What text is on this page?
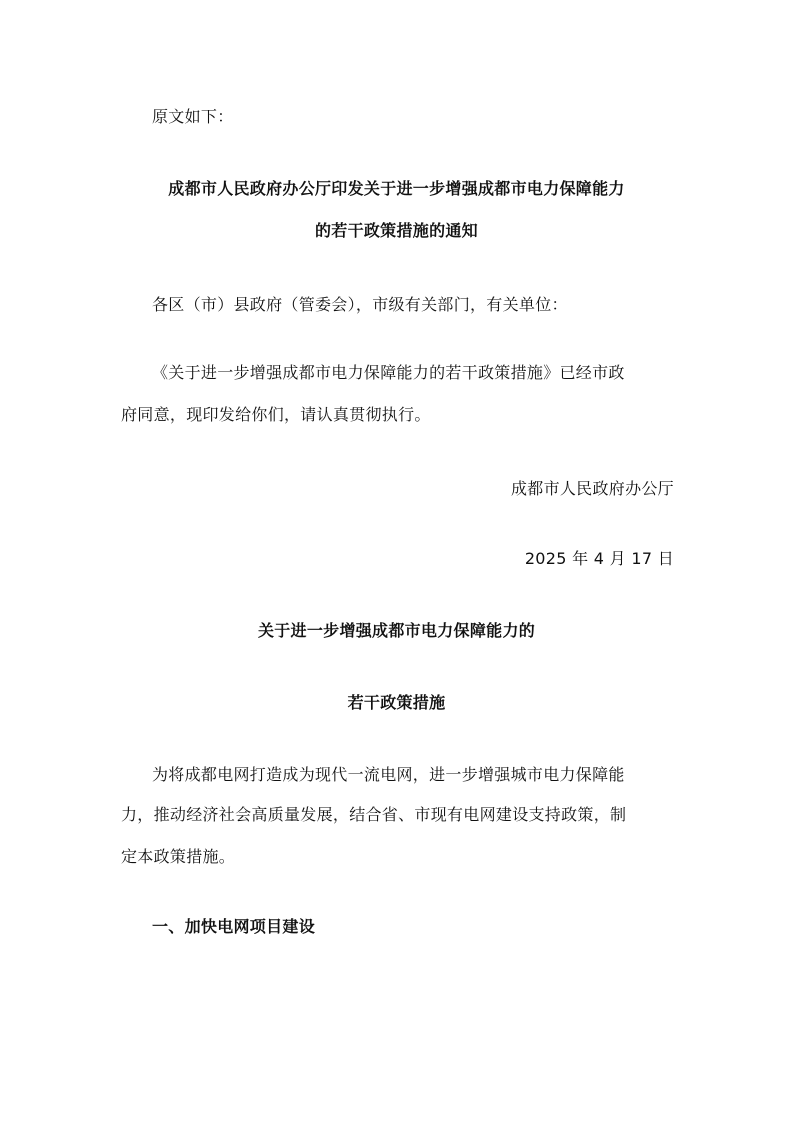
原文如下：
成都市人民政府办公厅印发关于进一步增强成都市电力保障能力
的若干政策措施的通知
各区（市）县政府（管委会），市级有关部门，有关单位：
《关于进一步增强成都市电力保障能力的若干政策措施》已经市政
府同意，现印发给你们，请认真贯彻执行。
成都市人民政府办公厅
2025 年 4 月 17 日
关于进一步增强成都市电力保障能力的
若干政策措施
为将成都电网打造成为现代一流电网，进一步增强城市电力保障能
力，推动经济社会高质量发展，结合省、市现有电网建设支持政策，制
定本政策措施。
一、加快电网项目建设
